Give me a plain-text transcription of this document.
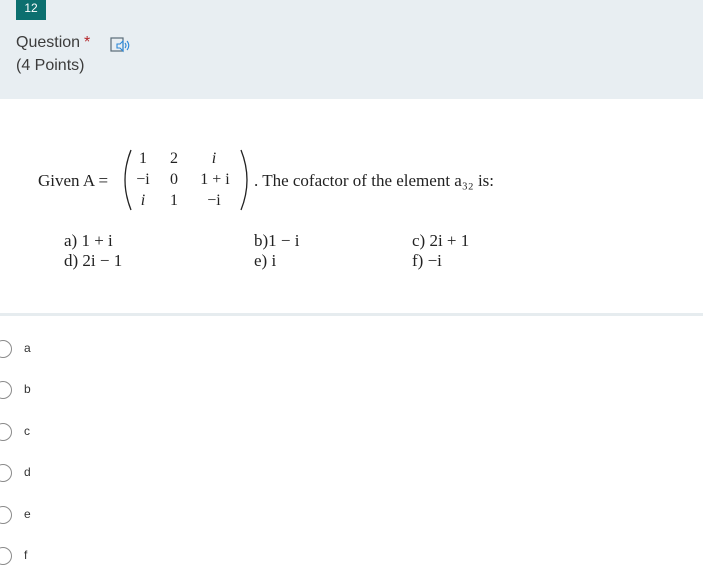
12
Question *
(4 Points)
Given A =
1	2	i
−i	0	1 + i
i	1	−i
. The cofactor of the element a₃₂ is:
a) 1 + i
d) 2i − 1
b)1 − i
e) i
c) 2i + 1
f) −i
a
b
c
d
e
f
